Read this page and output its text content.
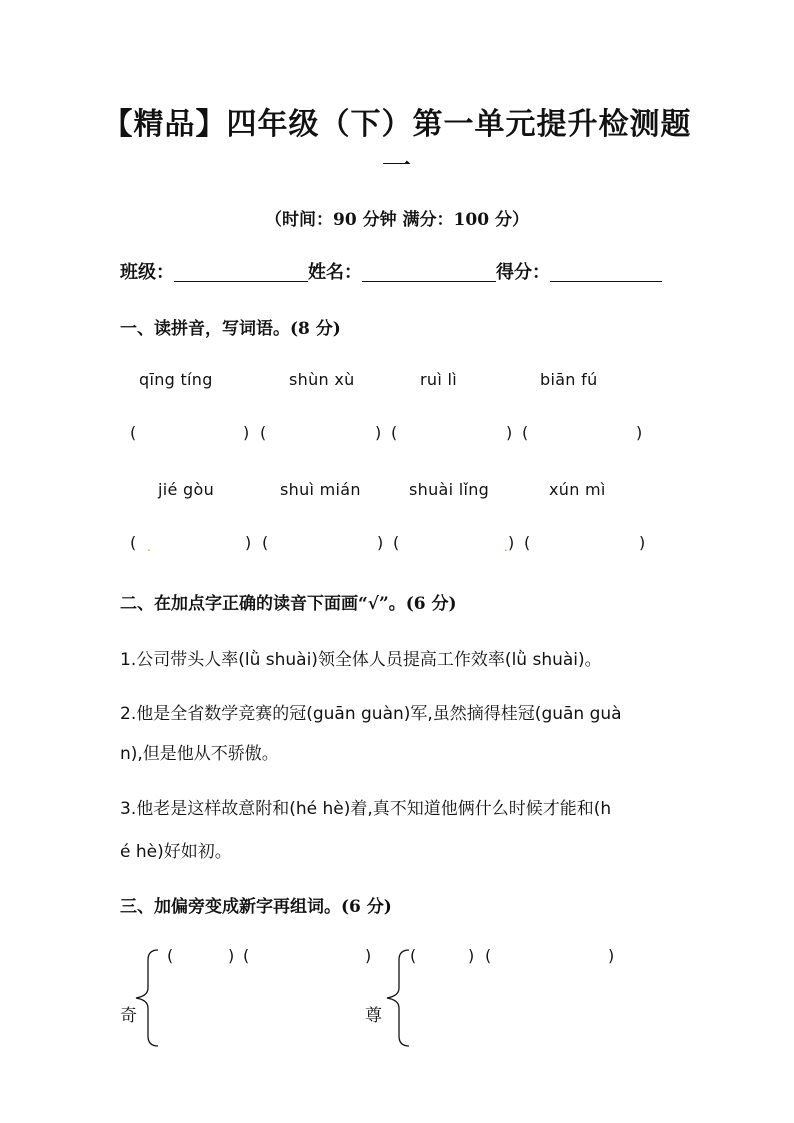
【精品】四年级（下）第一单元提升检测题
一
（时间：90 分钟 满分：100 分）
班级：	姓名：	得分：
一、读拼音，写词语。(8 分)
qīng tíng	shùn xù	ruì lì	biān fú
(	) (	) (	) (	)
jié gòu	shuì mián	shuài lǐng	xún mì
( .	) (	) (	. ) (	)
二、在加点字正确的读音下面画“√”。(6 分)
1.公司带头人率(lǜ shuài)领全体人员提高工作效率(lǜ shuài)。
2.他是全省数学竞赛的冠(guān guàn)军,虽然摘得桂冠(guān guà
n),但是他从不骄傲。
3.他老是这样故意附和(hé hè)着,真不知道他俩什么时候才能和(h
é hè)好如初。
三、加偏旁变成新字再组词。(6 分)
奇
(	) (	)
尊
(	) (	)
